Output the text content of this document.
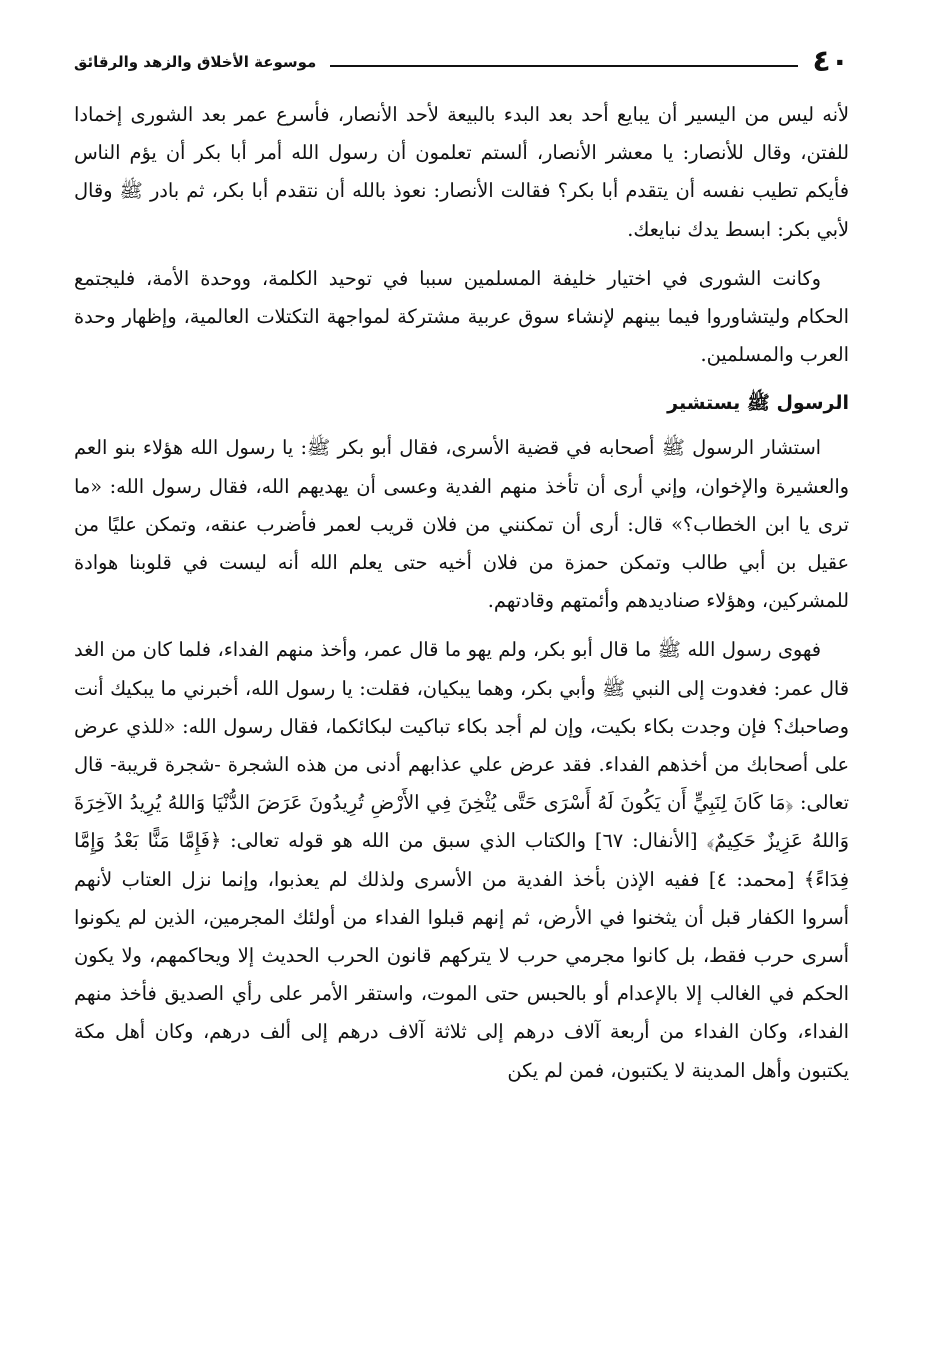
٤٠
موسوعة الأخلاق والزهد والرقائق

لأنه ليس من اليسير أن يبايع أحد بعد البدء بالبيعة لأحد الأنصار، فأسرع عمر بعد الشورى إخمادا للفتن، وقال للأنصار: يا معشر الأنصار، ألستم تعلمون أن رسول الله أمر أبا بكر أن يؤم الناس فأيكم تطيب نفسه أن يتقدم أبا بكر؟ فقالت الأنصار: نعوذ بالله أن نتقدم أبا بكر، ثم بادر ﷺ وقال لأبي بكر: ابسط يدك نبايعك.

وكانت الشورى في اختيار خليفة المسلمين سببا في توحيد الكلمة، ووحدة الأمة، فليجتمع الحكام وليتشاوروا فيما بينهم لإنشاء سوق عربية مشتركة لمواجهة التكتلات العالمية، وإظهار وحدة العرب والمسلمين.

الرسول ﷺ يستشير

استشار الرسول ﷺ أصحابه في قضية الأسرى، فقال أبو بكر ﷺ: يا رسول الله هؤلاء بنو العم والعشيرة والإخوان، وإني أرى أن تأخذ منهم الفدية وعسى أن يهديهم الله، فقال رسول الله: «ما ترى يا ابن الخطاب؟» قال: أرى أن تمكنني من فلان قريب لعمر فأضرب عنقه، وتمكن عليًا من عقيل بن أبي طالب وتمكن حمزة من فلان أخيه حتى يعلم الله أنه ليست في قلوبنا هوادة للمشركين، وهؤلاء صناديدهم وأئمتهم وقادتهم.

فهوى رسول الله ﷺ ما قال أبو بكر، ولم يهو ما قال عمر، وأخذ منهم الفداء، فلما كان من الغد قال عمر: فغدوت إلى النبي ﷺ وأبي بكر، وهما يبكيان، فقلت: يا رسول الله، أخبرني ما يبكيك أنت وصاحبك؟ فإن وجدت بكاء بكيت، وإن لم أجد بكاء تباكيت لبكائكما، فقال رسول الله: «للذي عرض على أصحابك من أخذهم الفداء. فقد عرض علي عذابهم أدنى من هذه الشجرة -شجرة قريبة- قال تعالى: ﴿مَا كَانَ لِنَبِيٍّ أَن يَكُونَ لَهُ أَسْرَى حَتَّى يُثْخِنَ فِي الأَرْضِ تُرِيدُونَ عَرَضَ الدُّنْيَا وَاللهُ يُرِيدُ الآخِرَةَ وَاللهُ عَزِيزٌ حَكِيمٌ﴾ [الأنفال: ٦٧] والكتاب الذي سبق من الله هو قوله تعالى: ﴿فَإِمَّا مَنًّا بَعْدُ وَإِمَّا فِدَاءً﴾ [محمد: ٤] ففيه الإذن بأخذ الفدية من الأسرى ولذلك لم يعذبوا، وإنما نزل العتاب لأنهم أسروا الكفار قبل أن يثخنوا في الأرض، ثم إنهم قبلوا الفداء من أولئك المجرمين، الذين لم يكونوا أسرى حرب فقط، بل كانوا مجرمي حرب لا يتركهم قانون الحرب الحديث إلا ويحاكمهم، ولا يكون الحكم في الغالب إلا بالإعدام أو بالحبس حتى الموت، واستقر الأمر على رأي الصديق فأخذ منهم الفداء، وكان الفداء من أربعة آلاف درهم إلى ثلاثة آلاف درهم إلى ألف درهم، وكان أهل مكة يكتبون وأهل المدينة لا يكتبون، فمن لم يكن
